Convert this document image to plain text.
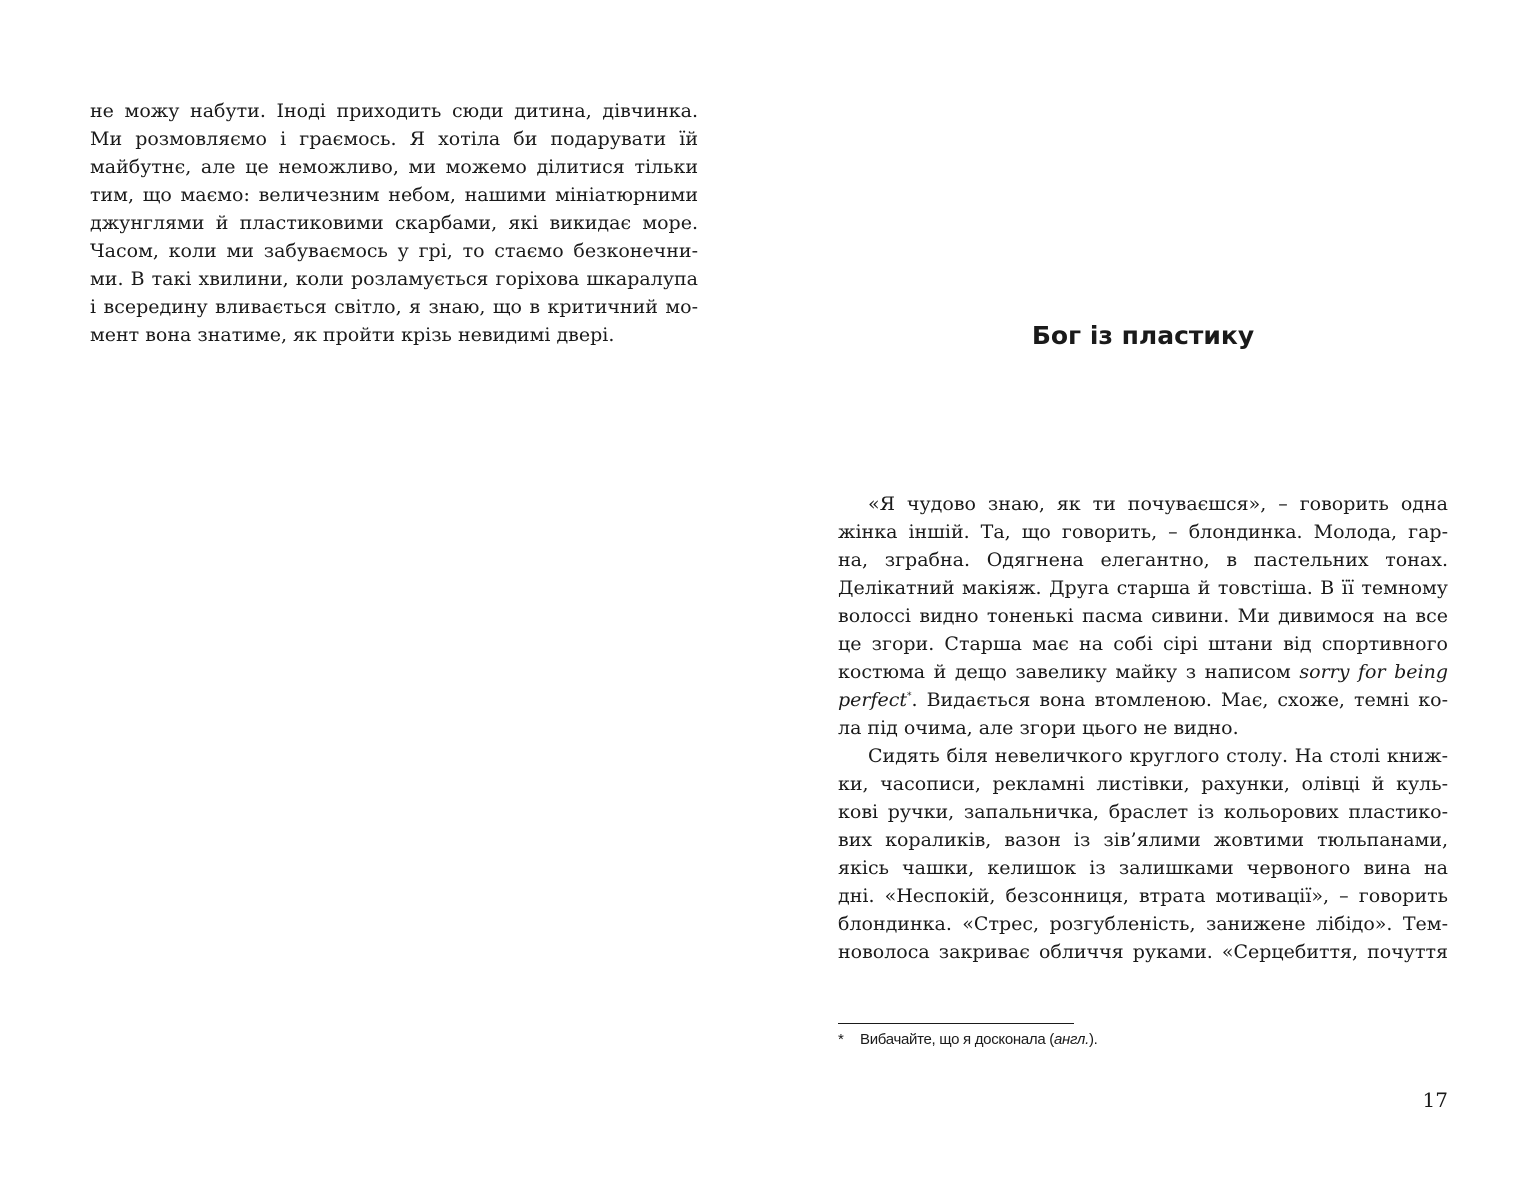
не можу набути. Іноді приходить сюди дитина, дівчинка.
Ми розмовляємо і граємось. Я хотіла би подарувати їй
майбутнє, але це неможливо, ми можемо ділитися тільки
тим, що маємо: величезним небом, нашими мініатюрними
джунглями й пластиковими скарбами, які викидає море.
Часом, коли ми забуваємось у грі, то стаємо безконечни-
ми. В такі хвилини, коли розламується горіхова шкаралупа
і всередину вливається світло, я знаю, що в критичний мо-
мент вона знатиме, як пройти крізь невидимі двері.	Бог із пластику
«Я чудово знаю, як ти почуваєшся», – говорить одна
жінка іншій. Та, що говорить, – блондинка. Молода, гар-
на, зграбна. Одягнена елегантно, в пастельних тонах.
Делікатний макіяж. Друга старша й товстіша. В її темному
волоссі видно тоненькі пасма сивини. Ми дивимося на все
це згори. Старша має на собі сірі штани від спортивного
костюма й дещо завелику майку з написом sorry for being
perfect*. Видається вона втомленою. Має, схоже, темні ко-
ла під очима, але згори цього не видно.
Сидять біля невеличкого круглого столу. На столі книж-
ки, часописи, рекламні листівки, рахунки, олівці й куль-
кові ручки, запальничка, браслет із кольорових пластико-
вих кораликів, вазон із зів’ялими жовтими тюльпанами,
якісь чашки, келишок із залишками червоного вина на
дні. «Неспокій, безсонниця, втрата мотивації», – говорить
блондинка. «Стрес, розгубленість, занижене лібідо». Тем-
новолоса закриває обличчя руками. «Серцебиття, почуття
* Вибачайте, що я досконала (англ.).
17
